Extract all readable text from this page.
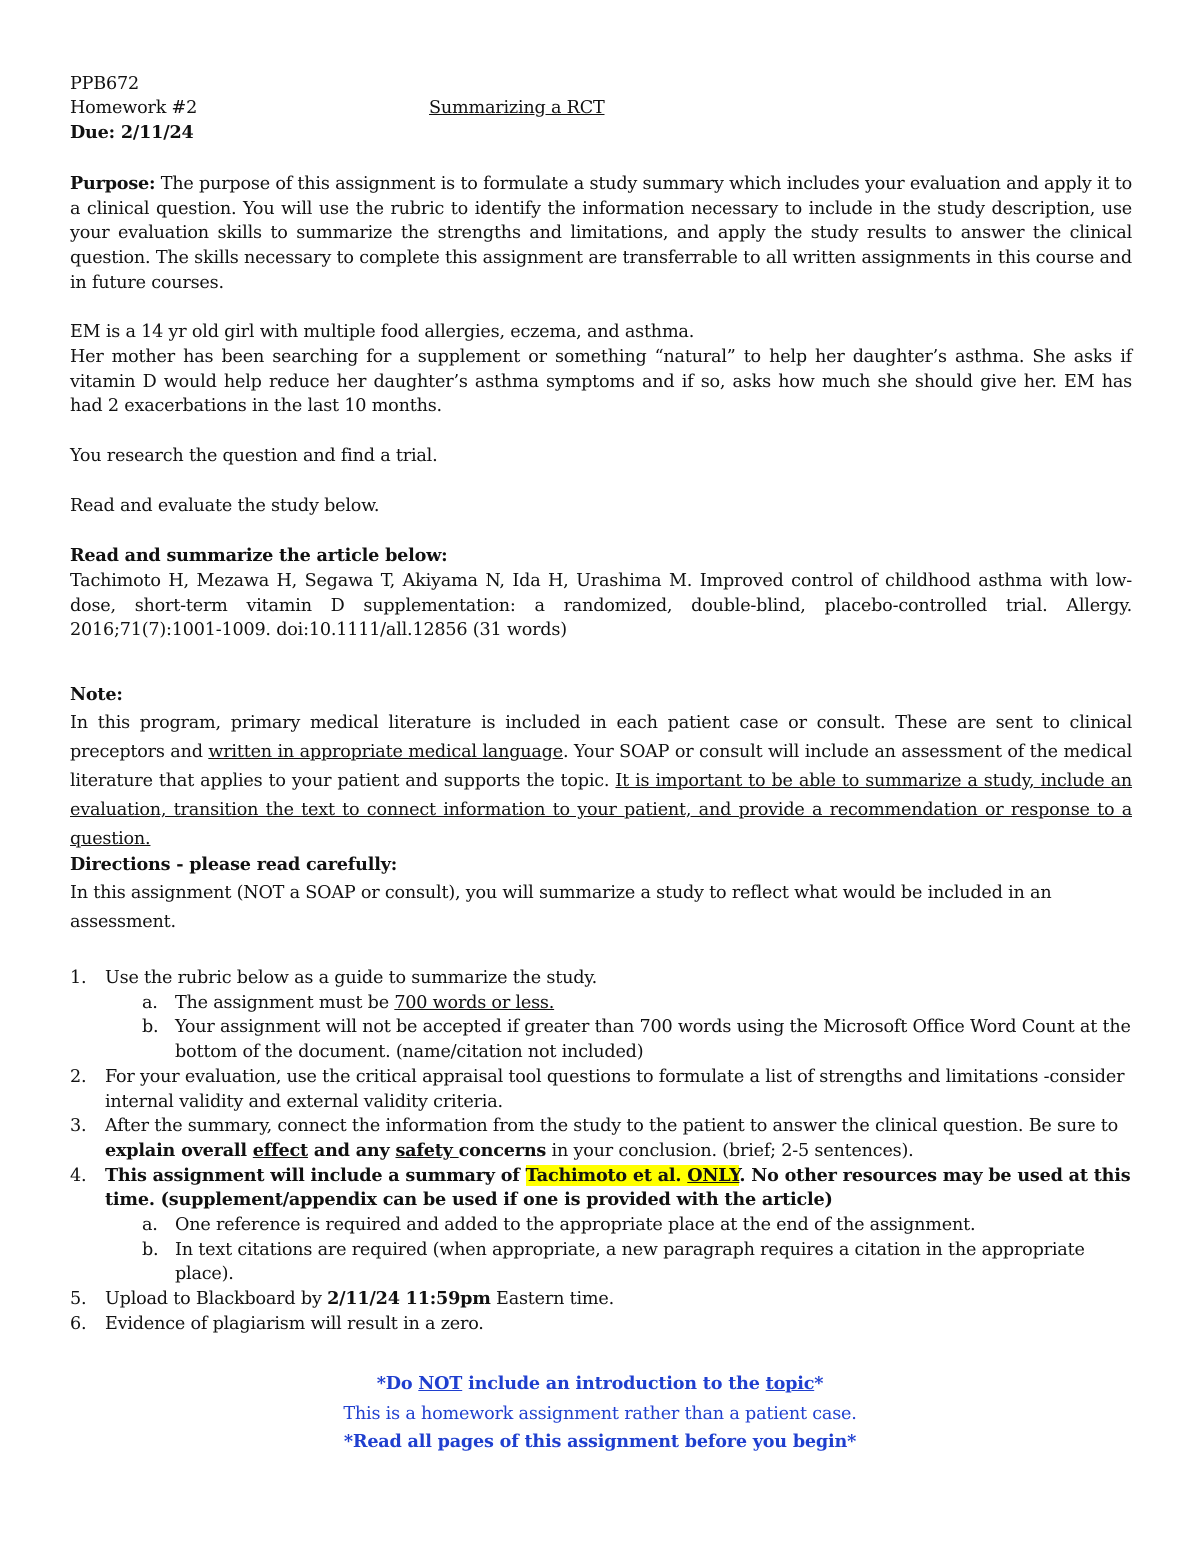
PPB672
Homework #2	Summarizing a RCT
Due: 2/11/24

Purpose: The purpose of this assignment is to formulate a study summary which includes your evaluation and apply it to a clinical question. You will use the rubric to identify the information necessary to include in the study description, use your evaluation skills to summarize the strengths and limitations, and apply the study results to answer the clinical question. The skills necessary to complete this assignment are transferrable to all written assignments in this course and in future courses.

EM is a 14 yr old girl with multiple food allergies, eczema, and asthma.

Her mother has been searching for a supplement or something “natural” to help her daughter’s asthma. She asks if vitamin D would help reduce her daughter’s asthma symptoms and if so, asks how much she should give her. EM has had 2 exacerbations in the last 10 months.

You research the question and find a trial.
Read and evaluate the study below.
Read and summarize the article below:

Tachimoto H, Mezawa H, Segawa T, Akiyama N, Ida H, Urashima M. Improved control of childhood asthma with low-dose, short-term vitamin D supplementation: a randomized, double-blind, placebo-controlled trial. Allergy. 2016;71(7):1001-1009. doi:10.1111/all.12856 (31 words)

Note:

In this program, primary medical literature is included in each patient case or consult. These are sent to clinical preceptors and written in appropriate medical language. Your SOAP or consult will include an assessment of the medical literature that applies to your patient and supports the topic. It is important to be able to summarize a study, include an evaluation, transition the text to connect information to your patient, and provide a recommendation or response to a question.

Directions - please read carefully:

In this assignment (NOT a SOAP or consult), you will summarize a study to reflect what would be included in an assessment.

1. Use the rubric below as a guide to summarize the study.
a. The assignment must be 700 words or less.
b. Your assignment will not be accepted if greater than 700 words using the Microsoft Office Word Count at the bottom of the document. (name/citation not included)
2. For your evaluation, use the critical appraisal tool questions to formulate a list of strengths and limitations -consider internal validity and external validity criteria.
3. After the summary, connect the information from the study to the patient to answer the clinical question. Be sure to explain overall effect and any safety concerns in your conclusion. (brief; 2-5 sentences).
4. This assignment will include a summary of Tachimoto et al. ONLY. No other resources may be used at this time. (supplement/appendix can be used if one is provided with the article)
a. One reference is required and added to the appropriate place at the end of the assignment.
b. In text citations are required (when appropriate, a new paragraph requires a citation in the appropriate place).
5. Upload to Blackboard by 2/11/24 11:59pm Eastern time.
6. Evidence of plagiarism will result in a zero.
*Do NOT include an introduction to the topic*
This is a homework assignment rather than a patient case.
*Read all pages of this assignment before you begin*
